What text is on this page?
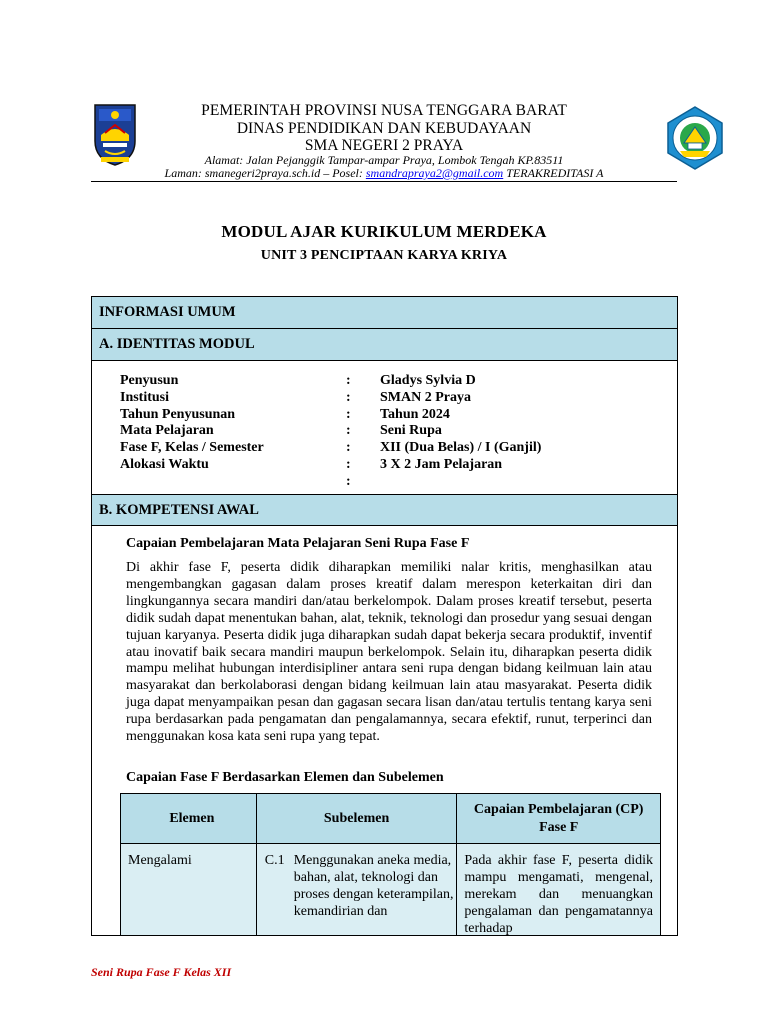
PEMERINTAH PROVINSI NUSA TENGGARA BARAT
DINAS PENDIDIKAN DAN KEBUDAYAAN
SMA NEGERI 2 PRAYA
Alamat: Jalan Pejanggik Tampar-ampar Praya, Lombok Tengah KP.83511
Laman: smanegeri2praya.sch.id – Posel: smandrapraya2@gmail.com TERAKREDITASI A
MODUL AJAR KURIKULUM MERDEKA
UNIT 3 PENCIPTAAN KARYA KRIYA
INFORMASI UMUM
A. IDENTITAS MODUL
Penyusun	:	Gladys Sylvia D
Institusi	:	SMAN 2 Praya
Tahun Penyusunan	:	Tahun 2024
Mata Pelajaran	:	Seni Rupa
Fase F, Kelas / Semester	:	XII (Dua Belas) / I (Ganjil)
Alokasi Waktu	:	3 X 2 Jam Pelajaran
:
B. KOMPETENSI AWAL
Capaian Pembelajaran Mata Pelajaran Seni Rupa Fase F
Di akhir fase F, peserta didik diharapkan memiliki nalar kritis, menghasilkan atau mengembangkan gagasan dalam proses kreatif dalam merespon keterkaitan diri dan lingkungannya secara mandiri dan/atau berkelompok. Dalam proses kreatif tersebut, peserta didik sudah dapat menentukan bahan, alat, teknik, teknologi dan prosedur yang sesuai dengan tujuan karyanya. Peserta didik juga diharapkan sudah dapat bekerja secara produktif, inventif atau inovatif baik secara mandiri maupun berkelompok. Selain itu, diharapkan peserta didik mampu melihat hubungan interdisipliner antara seni rupa dengan bidang keilmuan lain atau masyarakat dan berkolaborasi dengan bidang keilmuan lain atau masyarakat. Peserta didik juga dapat menyampaikan pesan dan gagasan secara lisan dan/atau tertulis tentang karya seni rupa berdasarkan pada pengamatan dan pengalamannya, secara efektif, runut, terperinci dan menggunakan kosa kata seni rupa yang tepat.
Capaian Fase F Berdasarkan Elemen dan Subelemen
Elemen	Subelemen	Capaian Pembelajaran (CP) Fase F
Mengalami	C.1 Menggunakan aneka media, bahan, alat, teknologi dan proses dengan keterampilan, kemandirian dan	Pada akhir fase F, peserta didik mampu mengamati, mengenal, merekam dan menuangkan pengalaman dan pengamatannya terhadap
Seni Rupa Fase F Kelas XII
